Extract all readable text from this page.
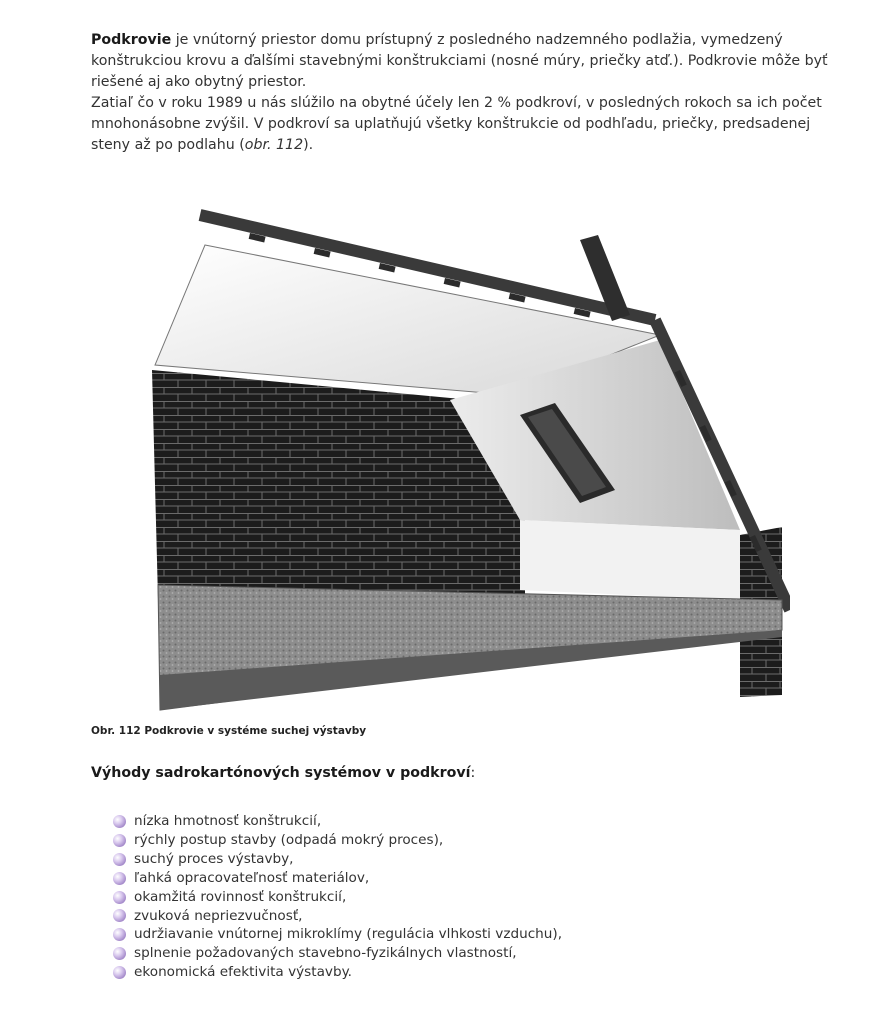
Podkrovie je vnútorný priestor domu prístupný z posledného nadzemného podlažia, vymedzený konštrukciou krovu a ďalšími stavebnými konštrukciami (nosné múry, priečky atď.). Podkrovie môže byť riešené aj ako obytný priestor.

Zatiaľ čo v roku 1989 u nás slúžilo na obytné účely len 2 % podkroví, v posledných rokoch sa ich počet mnohonásobne zvýšil. V podkroví sa uplatňujú všetky konštrukcie od podhľadu, priečky, predsadenej steny až po podlahu (obr. 112).

Obr. 112 Podkrovie v systéme suchej výstavby
Výhody sadrokartónových systémov v podkroví:
nízka hmotnosť konštrukcií,
rýchly postup stavby (odpadá mokrý proces),
suchý proces výstavby,
ľahká opracovateľnosť materiálov,
okamžitá rovinnosť konštrukcií,
zvuková nepriezvučnosť,
udržiavanie vnútornej mikroklímy (regulácia vlhkosti vzduchu),
splnenie požadovaných stavebno-fyzikálnych vlastností,
ekonomická efektivita výstavby.
